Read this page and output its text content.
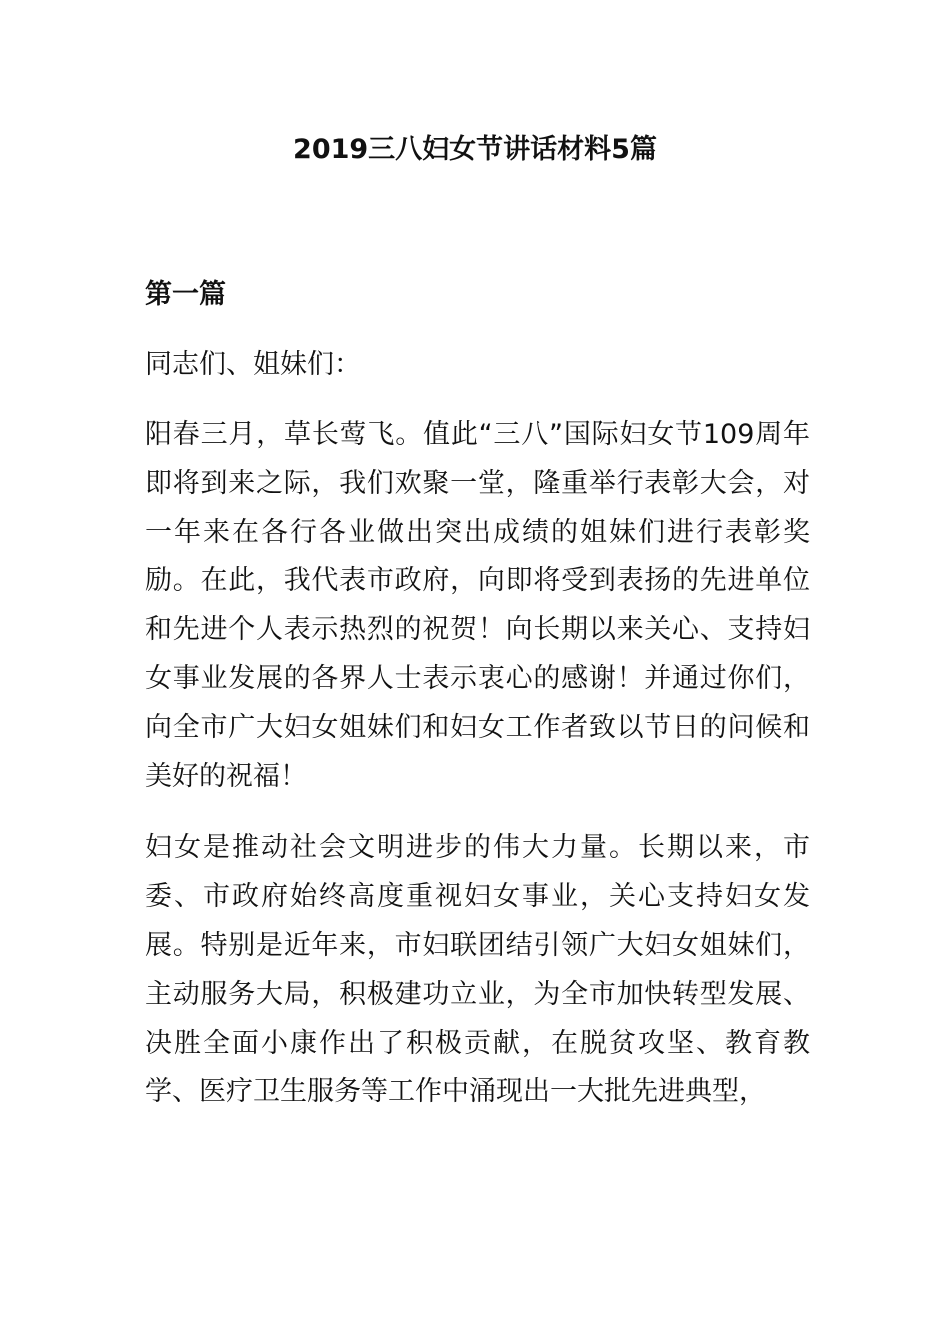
2019三八妇女节讲话材料5篇
第一篇

同志们、姐妹们：

阳春三月，草长莺飞。值此“三八”国际妇女节109周年即将到来之际，我们欢聚一堂，隆重举行表彰大会，对一年来在各行各业做出突出成绩的姐妹们进行表彰奖励。在此，我代表市政府，向即将受到表扬的先进单位和先进个人表示热烈的祝贺！向长期以来关心、支持妇女事业发展的各界人士表示衷心的感谢！并通过你们，向全市广大妇女姐妹们和妇女工作者致以节日的问候和美好的祝福！

妇女是推动社会文明进步的伟大力量。长期以来，市委、市政府始终高度重视妇女事业，关心支持妇女发展。特别是近年来，市妇联团结引领广大妇女姐妹们，主动服务大局，积极建功立业，为全市加快转型发展、决胜全面小康作出了积极贡献，在脱贫攻坚、教育教学、医疗卫生服务等工作中涌现出一大批先进典型，
